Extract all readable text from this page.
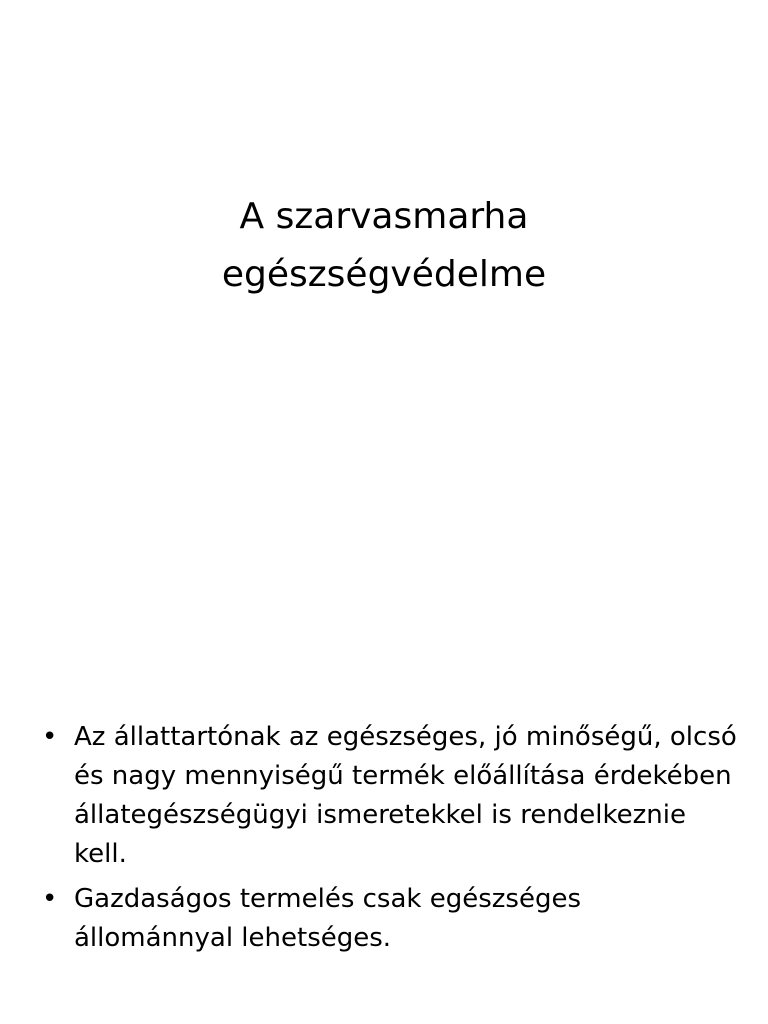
A szarvasmarha
egészségvédelme
• Az állattartónak az egészséges, jó minőségű, olcsó és nagy mennyiségű termék előállítása érdekében állategészségügyi ismeretekkel is rendelkeznie kell.
• Gazdaságos termelés csak egészséges állománnyal lehetséges.
